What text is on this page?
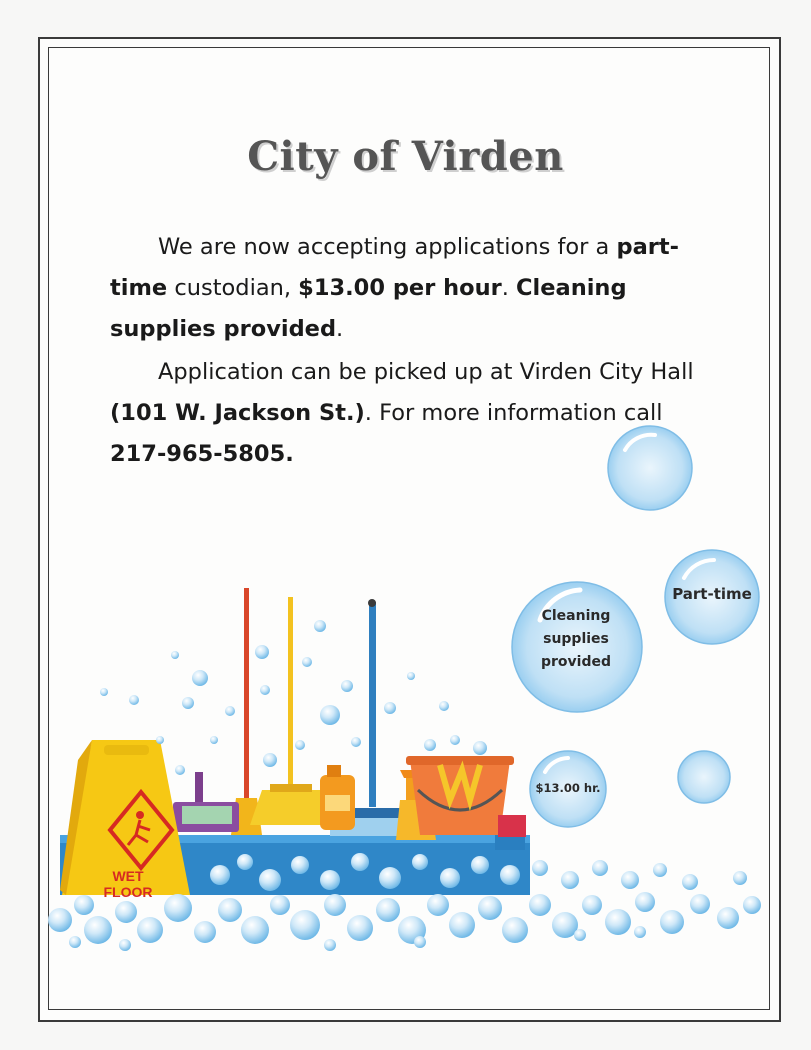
City of Virden
We are now accepting applications for a part-time custodian, $13.00 per hour. Cleaning supplies provided.
Application can be picked up at Virden City Hall (101 W. Jackson St.). For more information call 217-965-5805.
WET
FLOOR
Cleaning supplies provided
Part-time
$13.00 hr.
